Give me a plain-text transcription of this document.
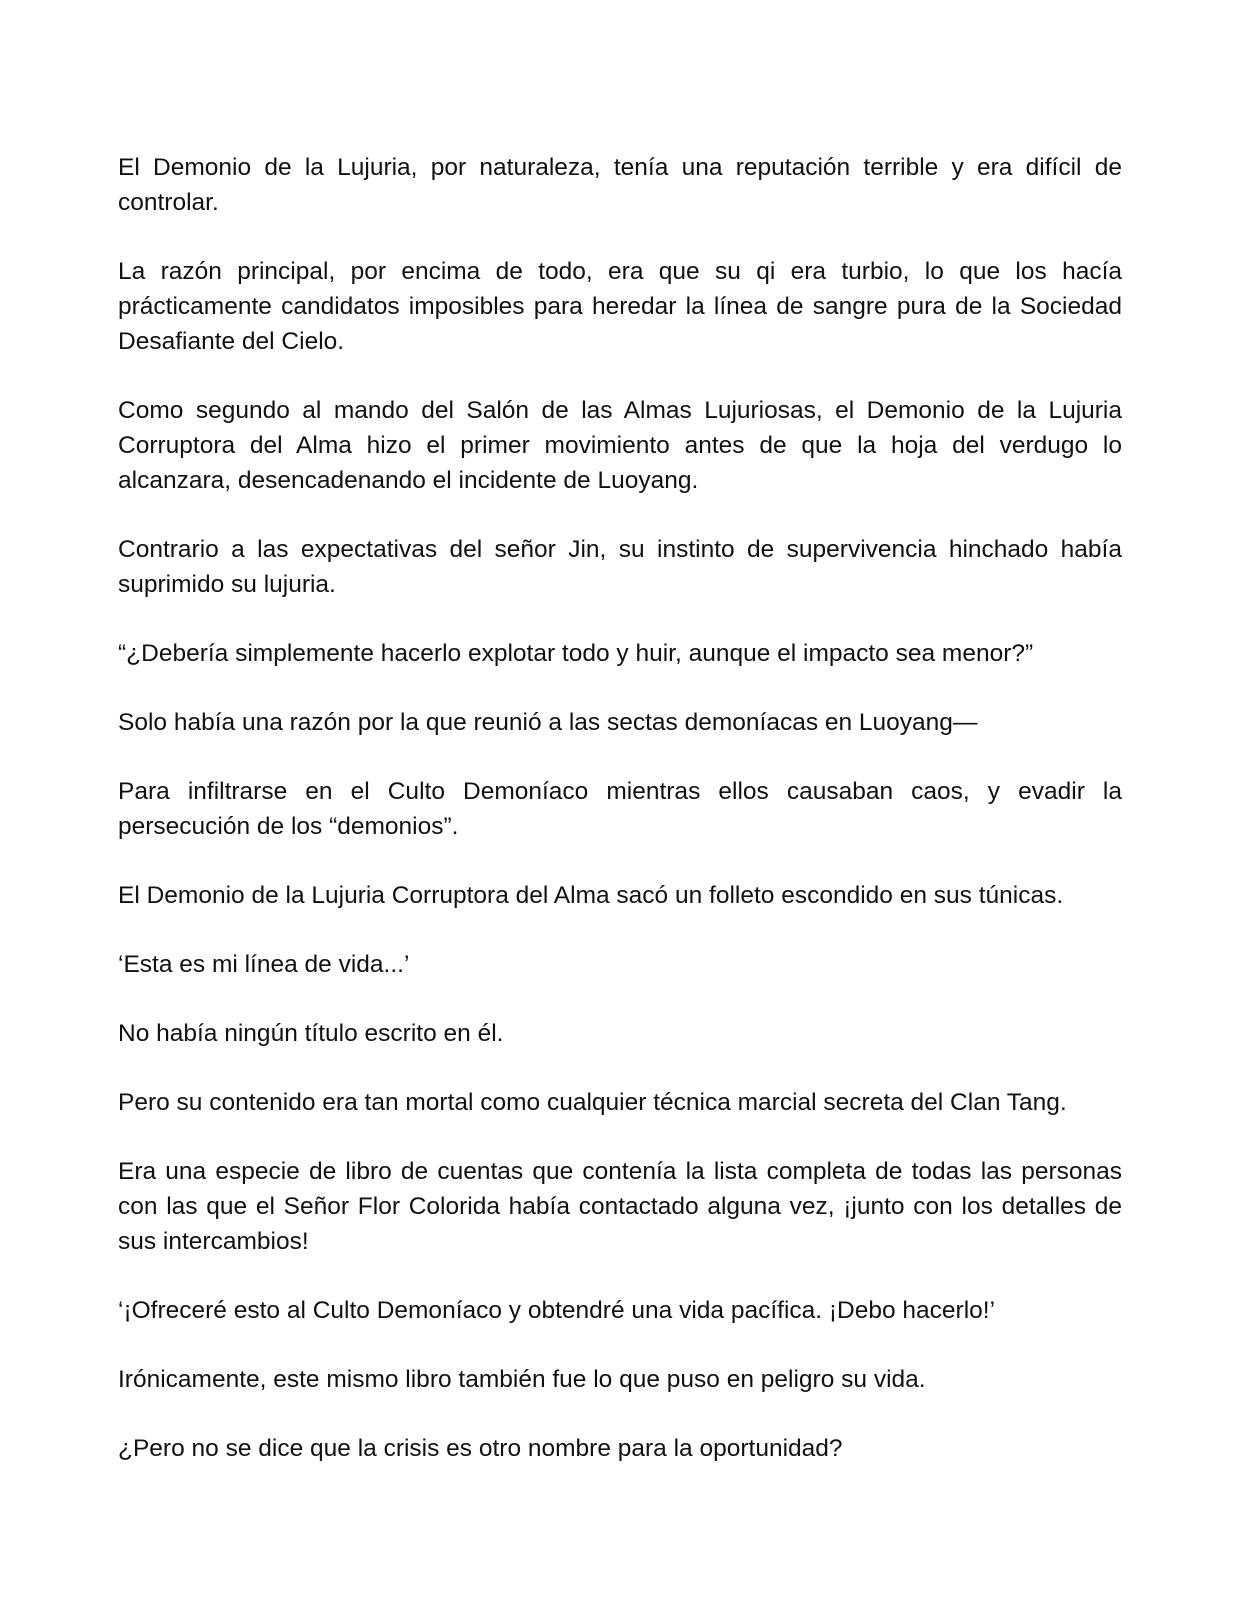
El Demonio de la Lujuria, por naturaleza, tenía una reputación terrible y era difícil de controlar.

La razón principal, por encima de todo, era que su qi era turbio, lo que los hacía prácticamente candidatos imposibles para heredar la línea de sangre pura de la Sociedad Desafiante del Cielo.

Como segundo al mando del Salón de las Almas Lujuriosas, el Demonio de la Lujuria Corruptora del Alma hizo el primer movimiento antes de que la hoja del verdugo lo alcanzara, desencadenando el incidente de Luoyang.

Contrario a las expectativas del señor Jin, su instinto de supervivencia hinchado había suprimido su lujuria.

“¿Debería simplemente hacerlo explotar todo y huir, aunque el impacto sea menor?”

Solo había una razón por la que reunió a las sectas demoníacas en Luoyang—

Para infiltrarse en el Culto Demoníaco mientras ellos causaban caos, y evadir la persecución de los “demonios”.

El Demonio de la Lujuria Corruptora del Alma sacó un folleto escondido en sus túnicas.

‘Esta es mi línea de vida...’

No había ningún título escrito en él.

Pero su contenido era tan mortal como cualquier técnica marcial secreta del Clan Tang.

Era una especie de libro de cuentas que contenía la lista completa de todas las personas con las que el Señor Flor Colorida había contactado alguna vez, ¡junto con los detalles de sus intercambios!

‘¡Ofreceré esto al Culto Demoníaco y obtendré una vida pacífica. ¡Debo hacerlo!’

Irónicamente, este mismo libro también fue lo que puso en peligro su vida.

¿Pero no se dice que la crisis es otro nombre para la oportunidad?
